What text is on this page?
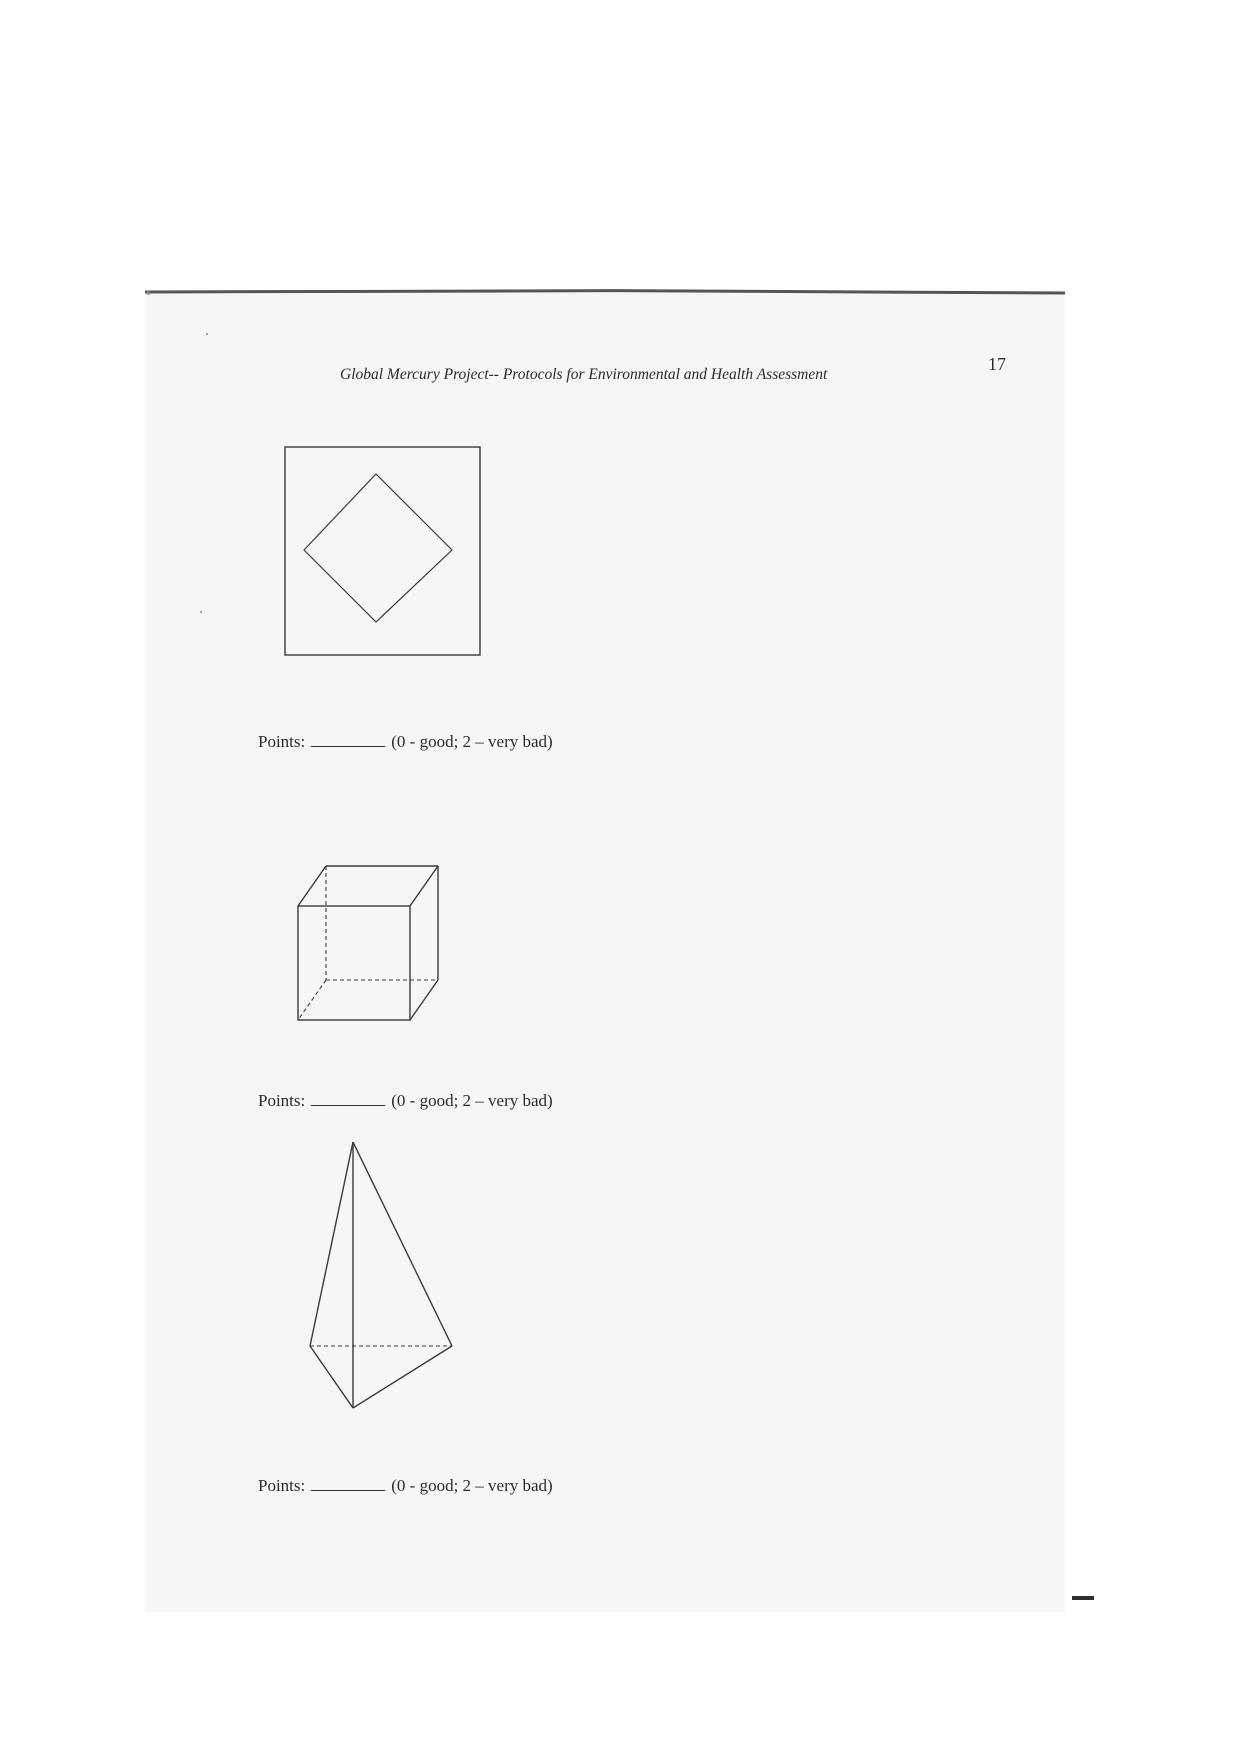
Global Mercury Project-- Protocols for Environmental and Health Assessment
17
Points:	(0 - good; 2 – very bad)
Points:	(0 - good; 2 – very bad)
Points:	(0 - good; 2 – very bad)
